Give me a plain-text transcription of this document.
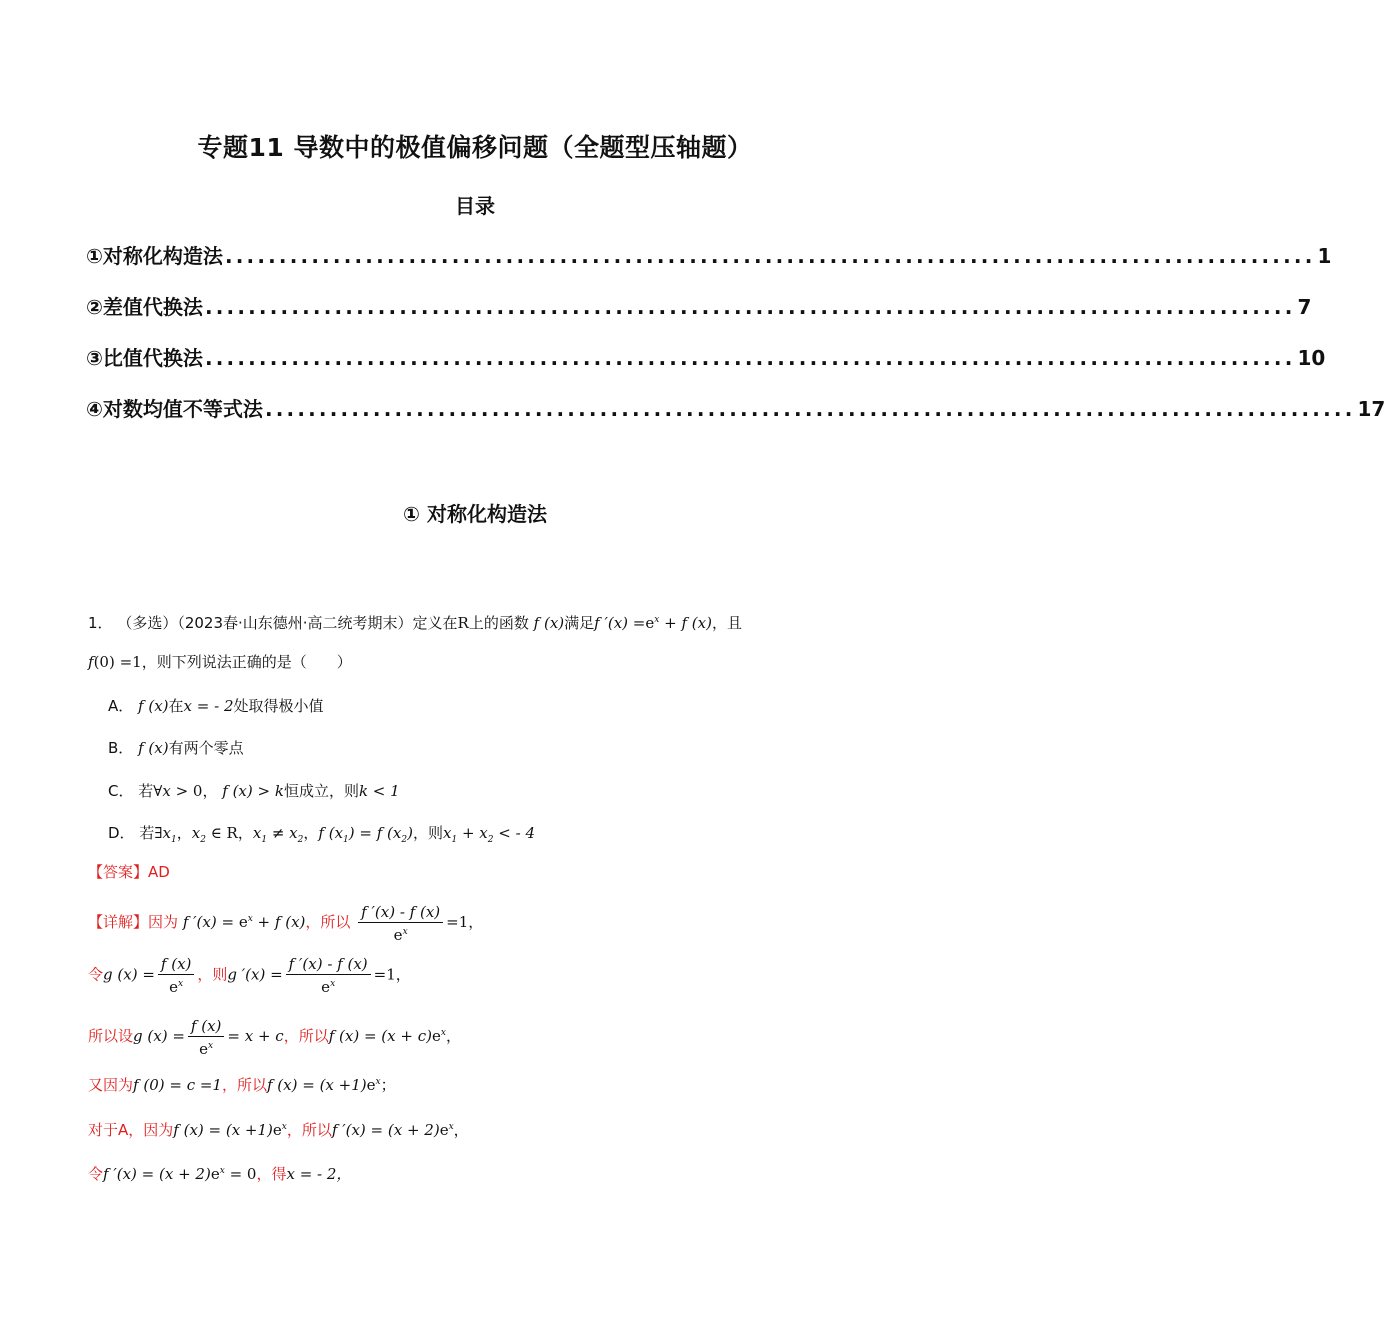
专题11 导数中的极值偏移问题（全题型压轴题）
目录
①对称化构造法 ..................................................................................................... 1
②差值代换法 ..................................................................................................... 7
③比值代换法 ..................................................................................................... 10
④对数均值不等式法 ..................................................................................................... 17
① 对称化构造法
1． （多选）（2023春·山东德州·高二统考期末）定义在R上的函数 f (x)满足f $'(x) =e^x + f$ (x)，且
f(0) =1，则下列说法正确的是（　　）
A． f (x)在x = - 2处取得极小值
B． f (x)有两个零点
C． 若∀x > 0， f (x) > k恒成立，则k < 1
D． 若$\exists x_1$，$x_2$ ∈ R，$x_1 \ne x_2$，f $(x_1) = f$ $(x_2)$，则$x_1 + x_2$ < - 4
【答案】AD
【详解】因为 f $'(x) = e^x + f$ (x)，所以 $\frac{f '(x) - f (x)}{e^x} =1$，
令g $(x) = \frac{f (x)}{e^x}$ ，则g $'(x) = \frac{f '(x) - f (x)}{e^x} =1$，
所以设g $(x) = \frac{f (x)}{e^x} = x + c$，所以f $(x) = (x + c)e^x$，
又因为f (0) = c =1，所以f $(x) = (x +1)e^x$；
对于A，因为f $(x) = (x +1)e^x$，所以f $'(x) = (x + 2)e^x$，
令f $'(x) = (x + 2)e^x = 0$，得x = - 2，
